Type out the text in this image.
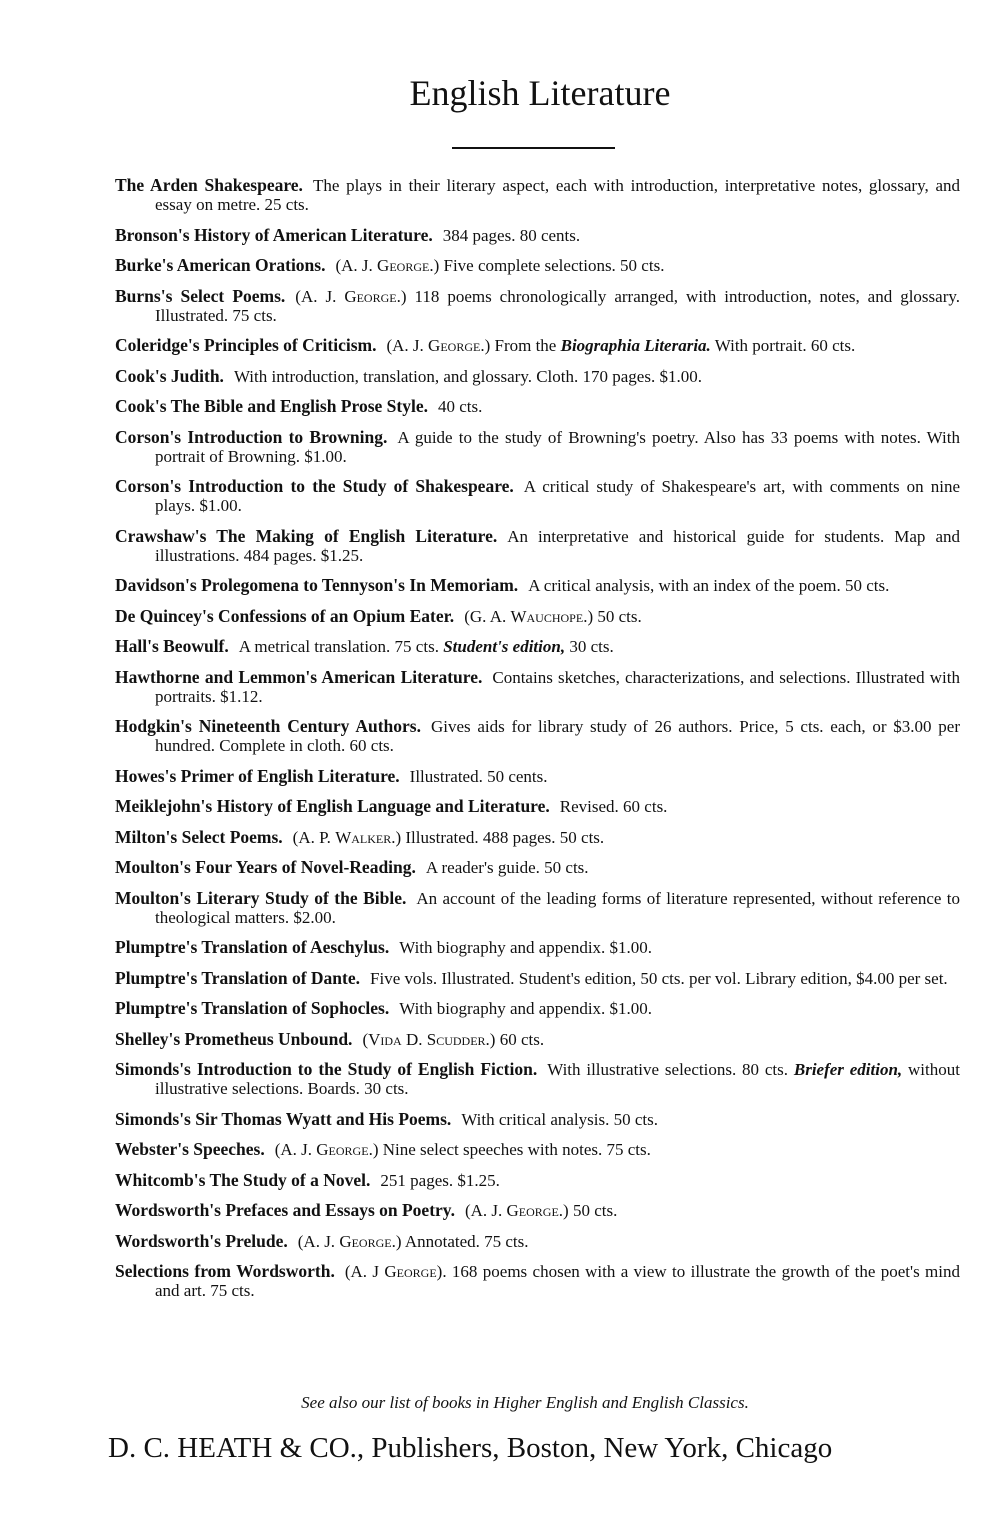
English Literature
The Arden Shakespeare. The plays in their literary aspect, each with introduction, interpretative notes, glossary, and essay on metre. 25 cts.
Bronson's History of American Literature. 384 pages. 80 cents.
Burke's American Orations. (A. J. George.) Five complete selections. 50 cts.
Burns's Select Poems. (A. J. George.) 118 poems chronologically arranged, with introduction, notes, and glossary. Illustrated. 75 cts.
Coleridge's Principles of Criticism. (A. J. George.) From the Biographia Literaria. With portrait. 60 cts.
Cook's Judith. With introduction, translation, and glossary. Cloth. 170 pages. $1.00.
Cook's The Bible and English Prose Style. 40 cts.
Corson's Introduction to Browning. A guide to the study of Browning's poetry. Also has 33 poems with notes. With portrait of Browning. $1.00.
Corson's Introduction to the Study of Shakespeare. A critical study of Shakespeare's art, with comments on nine plays. $1.00.
Crawshaw's The Making of English Literature. An interpretative and historical guide for students. Map and illustrations. 484 pages. $1.25.
Davidson's Prolegomena to Tennyson's In Memoriam. A critical analysis, with an index of the poem. 50 cts.
De Quincey's Confessions of an Opium Eater. (G. A. Wauchope.) 50 cts.
Hall's Beowulf. A metrical translation. 75 cts. Student's edition, 30 cts.
Hawthorne and Lemmon's American Literature. Contains sketches, characterizations, and selections. Illustrated with portraits. $1.12.
Hodgkin's Nineteenth Century Authors. Gives aids for library study of 26 authors. Price, 5 cts. each, or $3.00 per hundred. Complete in cloth. 60 cts.
Howes's Primer of English Literature. Illustrated. 50 cents.
Meiklejohn's History of English Language and Literature. Revised. 60 cts.
Milton's Select Poems. (A. P. Walker.) Illustrated. 488 pages. 50 cts.
Moulton's Four Years of Novel-Reading. A reader's guide. 50 cts.
Moulton's Literary Study of the Bible. An account of the leading forms of literature represented, without reference to theological matters. $2.00.
Plumptre's Translation of Aeschylus. With biography and appendix. $1.00.
Plumptre's Translation of Dante. Five vols. Illustrated. Student's edition, 50 cts. per vol. Library edition, $4.00 per set.
Plumptre's Translation of Sophocles. With biography and appendix. $1.00.
Shelley's Prometheus Unbound. (Vida D. Scudder.) 60 cts.
Simonds's Introduction to the Study of English Fiction. With illustrative selections. 80 cts. Briefer edition, without illustrative selections. Boards. 30 cts.
Simonds's Sir Thomas Wyatt and His Poems. With critical analysis. 50 cts.
Webster's Speeches. (A. J. George.) Nine select speeches with notes. 75 cts.
Whitcomb's The Study of a Novel. 251 pages. $1.25.
Wordsworth's Prefaces and Essays on Poetry. (A. J. George.) 50 cts.
Wordsworth's Prelude. (A. J. George.) Annotated. 75 cts.
Selections from Wordsworth. (A. J George). 168 poems chosen with a view to illustrate the growth of the poet's mind and art. 75 cts.
See also our list of books in Higher English and English Classics.
D. C. HEATH & CO., Publishers, Boston, New York, Chicago
